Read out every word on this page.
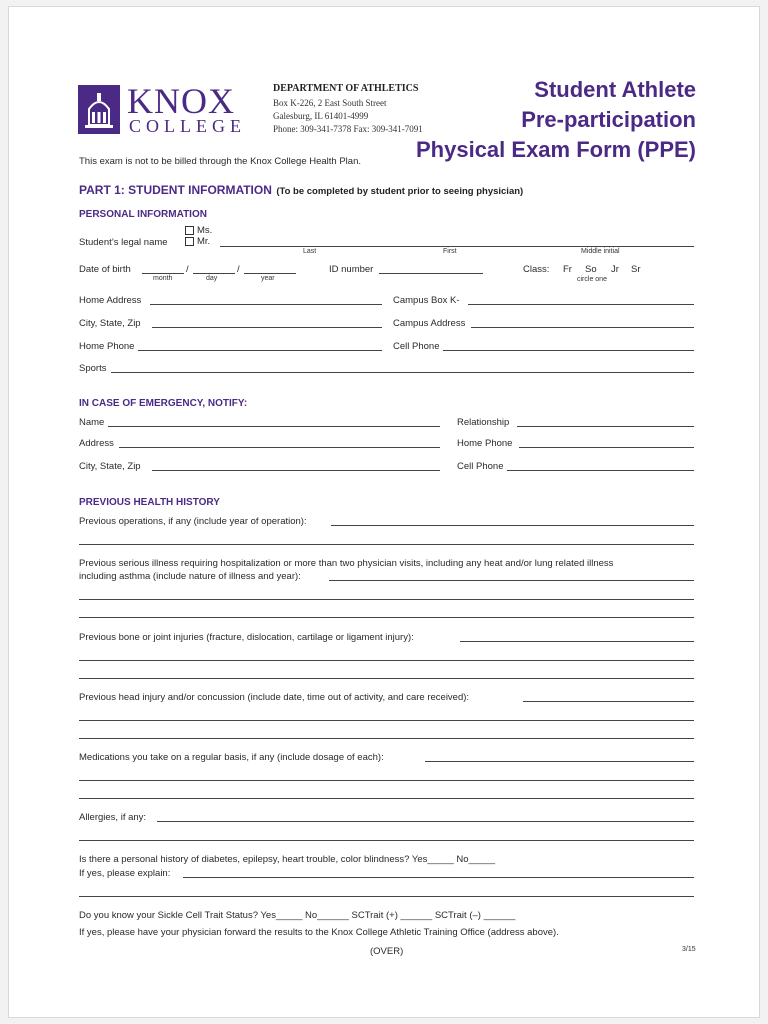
KNOX
COLLEGE
DEPARTMENT OF ATHLETICS
Box K-226, 2 East South Street
Galesburg, IL 61401-4999
Phone: 309-341-7378 Fax: 309-341-7091
Student Athlete
Pre-participation
Physical Exam Form (PPE)
This exam is not to be billed through the Knox College Health Plan.
PART 1: STUDENT INFORMATION (To be completed by student prior to seeing physician)
PERSONAL INFORMATION
Ms.
Mr.
Student’s legal name
Last	First	Middle initial
Date of birth	/	/
month	day	year
ID number	Class: Fr So Jr Sr
circle one
Home Address	Campus Box K-
City, State, Zip	Campus Address
Home Phone	Cell Phone
Sports
IN CASE OF EMERGENCY, NOTIFY:
Name	Relationship
Address	Home Phone
City, State, Zip	Cell Phone
PREVIOUS HEALTH HISTORY
Previous operations, if any (include year of operation):
Previous serious illness requiring hospitalization or more than two physician visits, including any heat and/or lung related illness
including asthma (include nature of illness and year):
Previous bone or joint injuries (fracture, dislocation, cartilage or ligament injury):
Previous head injury and/or concussion (include date, time out of activity, and care received):
Medications you take on a regular basis, if any (include dosage of each):
Allergies, if any:
Is there a personal history of diabetes, epilepsy, heart trouble, color blindness? Yes_____ No_____
If yes, please explain:
Do you know your Sickle Cell Trait Status? Yes_____ No______ SCTrait (+) ______ SCTrait (–) ______
If yes, please have your physician forward the results to the Knox College Athletic Training Office (address above).
(OVER)	3/15
